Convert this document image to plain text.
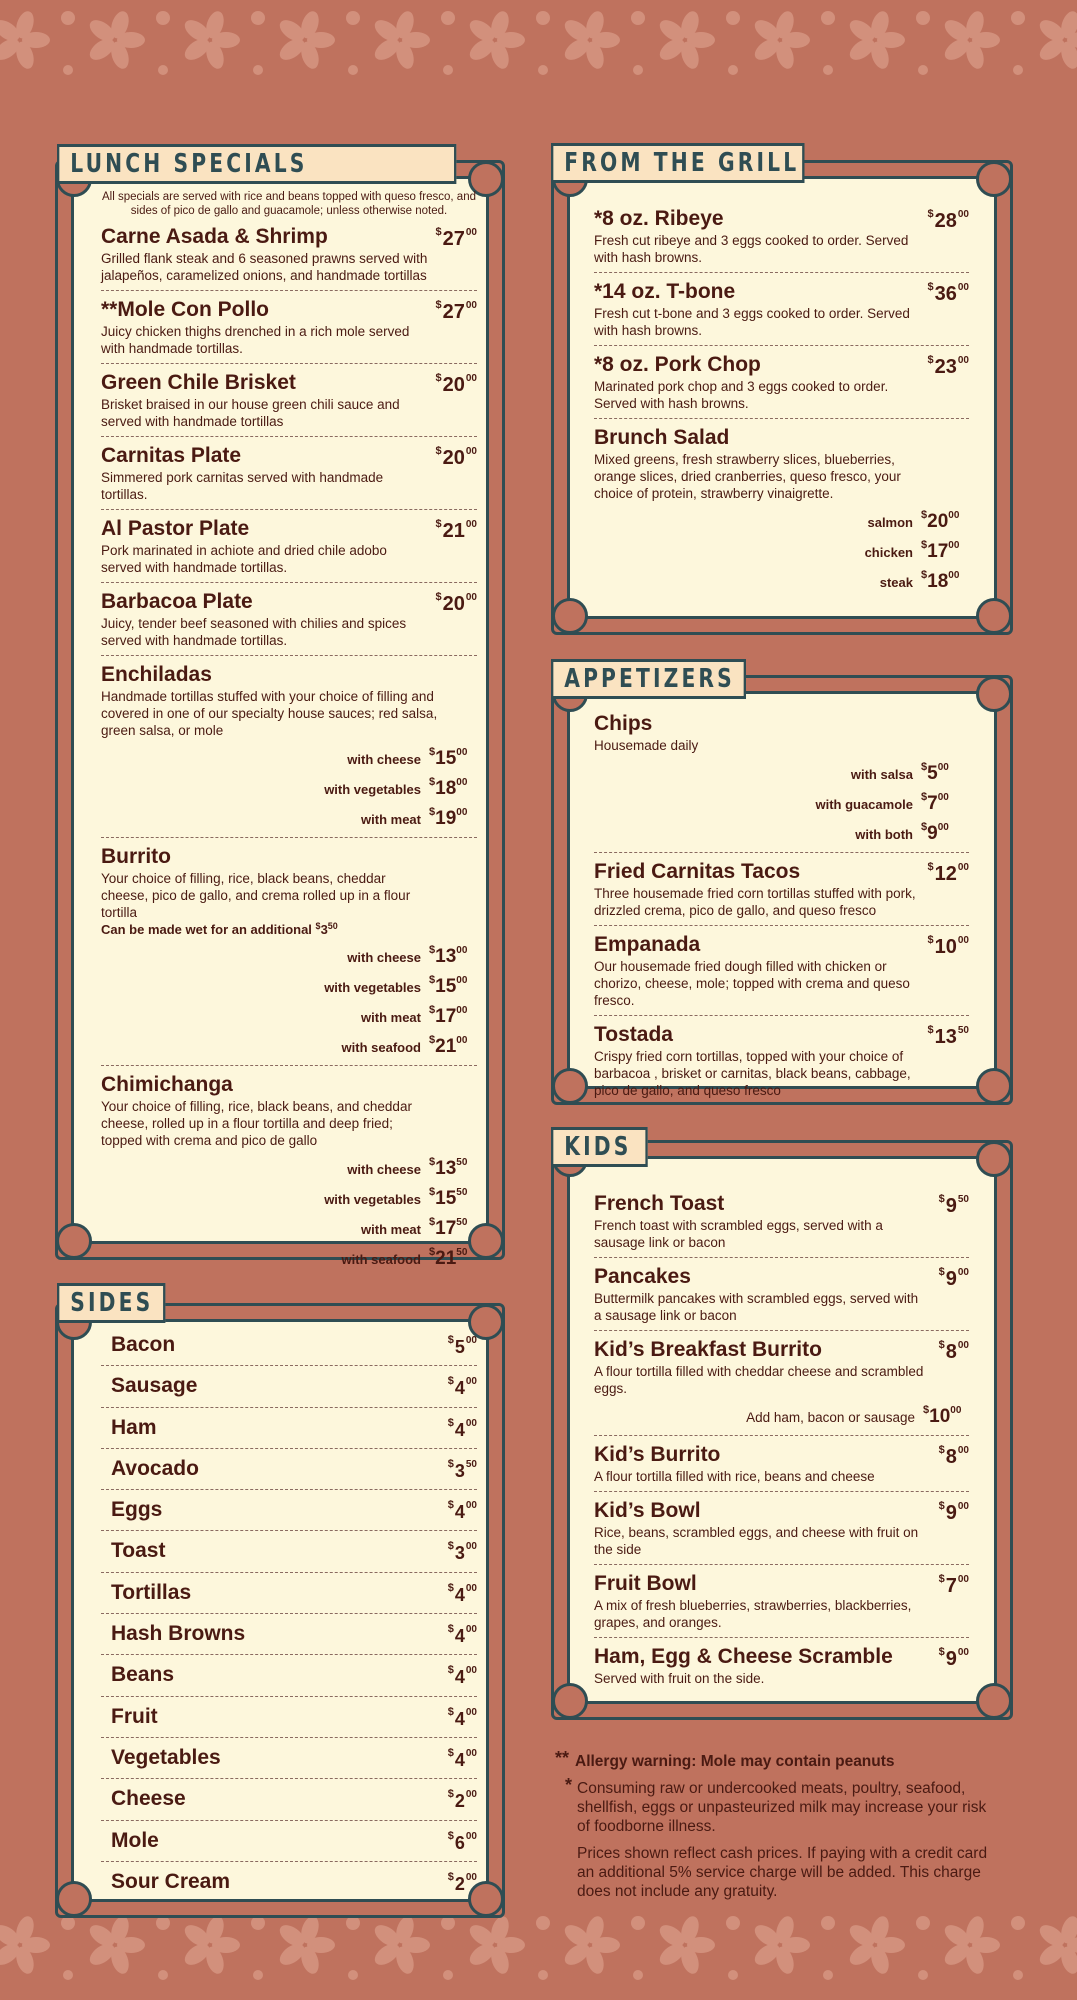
LUNCH SPECIALS
All specials are served with rice and beans topped with queso fresco, and sides of pico de gallo and guacamole; unless otherwise noted.
Carne Asada & Shrimp	$^{\$}27^{00}$
Grilled flank steak and 6 seasoned prawns served with jalapeños, caramelized onions, and handmade tortillas
**Mole Con Pollo	$^{\$}27^{00}$
Juicy chicken thighs drenched in a rich mole served with handmade tortillas.
Green Chile Brisket	$^{\$}20^{00}$
Brisket braised in our house green chili sauce and served with handmade tortillas
Carnitas Plate	$^{\$}20^{00}$
Simmered pork carnitas served with handmade tortillas.
Al Pastor Plate	$^{\$}21^{00}$
Pork marinated in achiote and dried chile adobo served with handmade tortillas.
Barbacoa Plate	$^{\$}20^{00}$
Juicy, tender beef seasoned with chilies and spices served with handmade tortillas.
Enchiladas
Handmade tortillas stuffed with your choice of filling and covered in one of our specialty house sauces; red salsa, green salsa, or mole
with cheese $^{\$}15^{00}$
with vegetables $^{\$}18^{00}$
with meat $^{\$}19^{00}$
Burrito
Your choice of filling, rice, black beans, cheddar cheese, pico de gallo, and crema rolled up in a flour tortilla
Can be made wet for an additional $^{\$}3^{50}$
with cheese $^{\$}13^{00}$
with vegetables $^{\$}15^{00}$
with meat $^{\$}17^{00}$
with seafood $^{\$}21^{00}$
Chimichanga
Your choice of filling, rice, black beans, and cheddar cheese, rolled up in a flour tortilla and deep fried; topped with crema and pico de gallo
with cheese $^{\$}13^{50}$
with vegetables $^{\$}15^{50}$
with meat $^{\$}17^{50}$
with seafood $^{\$}21^{50}$
SIDES
Bacon	$^{\$}5^{00}$
Sausage	$^{\$}4^{00}$
Ham	$^{\$}4^{00}$
Avocado	$^{\$}3^{50}$
Eggs	$^{\$}4^{00}$
Toast	$^{\$}3^{00}$
Tortillas	$^{\$}4^{00}$
Hash Browns	$^{\$}4^{00}$
Beans	$^{\$}4^{00}$
Fruit	$^{\$}4^{00}$
Vegetables	$^{\$}4^{00}$
Cheese	$^{\$}2^{00}$
Mole	$^{\$}6^{00}$
Sour Cream	$^{\$}2^{00}$
FROM THE GRILL
*8 oz. Ribeye	$^{\$}28^{00}$
Fresh cut ribeye and 3 eggs cooked to order. Served with hash browns.
*14 oz. T-bone	$^{\$}36^{00}$
Fresh cut t-bone and 3 eggs cooked to order. Served with hash browns.
*8 oz. Pork Chop	$^{\$}23^{00}$
Marinated pork chop and 3 eggs cooked to order. Served with hash browns.
Brunch Salad
Mixed greens, fresh strawberry slices, blueberries, orange slices, dried cranberries, queso fresco, your choice of protein, strawberry vinaigrette.
salmon $^{\$}20^{00}$
chicken $^{\$}17^{00}$
steak $^{\$}18^{00}$
APPETIZERS
Chips
Housemade daily
with salsa $^{\$}5^{00}$
with guacamole $^{\$}7^{00}$
with both $^{\$}9^{00}$
Fried Carnitas Tacos	$^{\$}12^{00}$
Three housemade fried corn tortillas stuffed with pork, drizzled crema, pico de gallo, and queso fresco
Empanada	$^{\$}10^{00}$
Our housemade fried dough filled with chicken or chorizo, cheese, mole; topped with crema and queso fresco.
Tostada	$^{\$}13^{50}$
Crispy fried corn tortillas, topped with your choice of barbacoa , brisket or carnitas, black beans, cabbage, pico de gallo, and queso fresco
KIDS
French Toast	$^{\$}9^{50}$
French toast with scrambled eggs, served with a sausage link or bacon
Pancakes	$^{\$}9^{00}$
Buttermilk pancakes with scrambled eggs, served with a sausage link or bacon
Kid’s Breakfast Burrito	$^{\$}8^{00}$
A flour tortilla filled with cheddar cheese and scrambled eggs.
Add ham, bacon or sausage $^{\$}10^{00}$
Kid’s Burrito	$^{\$}8^{00}$
A flour tortilla filled with rice, beans and cheese
Kid’s Bowl	$^{\$}9^{00}$
Rice, beans, scrambled eggs, and cheese with fruit on the side
Fruit Bowl	$^{\$}7^{00}$
A mix of fresh blueberries, strawberries, blackberries, grapes, and oranges.
Ham, Egg & Cheese Scramble	$^{\$}9^{00}$
Served with fruit on the side.
** Allergy warning: Mole may contain peanuts
* Consuming raw or undercooked meats, poultry, seafood, shellfish, eggs or unpasteurized milk may increase your risk of foodborne illness.
Prices shown reflect cash prices. If paying with a credit card an additional 5% service charge will be added. This charge does not include any gratuity.
